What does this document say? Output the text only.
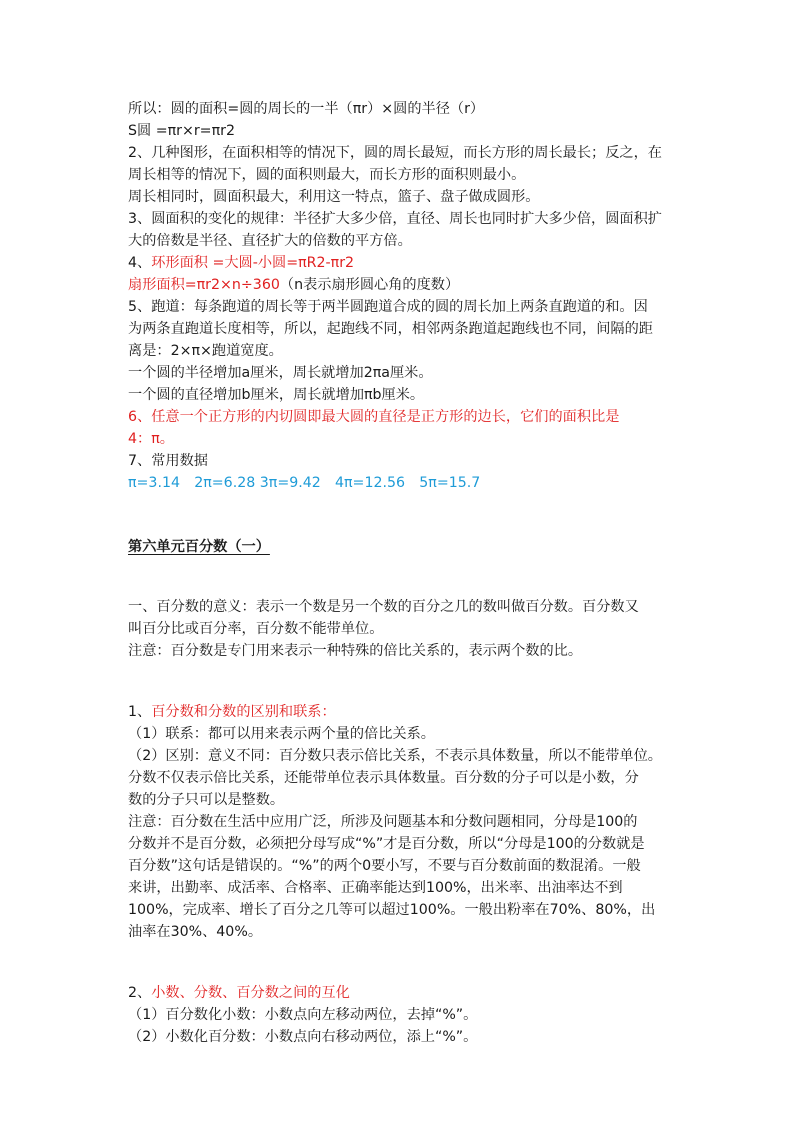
所以：圆的面积=圆的周长的一半（πr）×圆的半径（r）
S圆 =πr×r=πr2
2、几种图形，在面积相等的情况下，圆的周长最短，而长方形的周长最长；反之，在
周长相等的情况下，圆的面积则最大，而长方形的面积则最小。
周长相同时，圆面积最大，利用这一特点，篮子、盘子做成圆形。
3、圆面积的变化的规律：半径扩大多少倍，直径、周长也同时扩大多少倍，圆面积扩
大的倍数是半径、直径扩大的倍数的平方倍。
4、环形面积 =大圆-小圆=πR2-πr2
扇形面积=πr2×n÷360（n表示扇形圆心角的度数）
5、跑道：每条跑道的周长等于两半圆跑道合成的圆的周长加上两条直跑道的和。因
为两条直跑道长度相等，所以，起跑线不同，相邻两条跑道起跑线也不同，间隔的距
离是：2×π×跑道宽度。
一个圆的半径增加a厘米，周长就增加2πa厘米。
一个圆的直径增加b厘米，周长就增加πb厘米。
6、任意一个正方形的内切圆即最大圆的直径是正方形的边长，它们的面积比是
4：π。
7、常用数据
π=3.14　2π=6.28 3π=9.42　4π=12.56　5π=15.7
第六单元百分数（一）
一、百分数的意义：表示一个数是另一个数的百分之几的数叫做百分数。百分数又
叫百分比或百分率，百分数不能带单位。
注意：百分数是专门用来表示一种特殊的倍比关系的，表示两个数的比。
1、百分数和分数的区别和联系：
（1）联系：都可以用来表示两个量的倍比关系。
（2）区别：意义不同：百分数只表示倍比关系，不表示具体数量，所以不能带单位。
分数不仅表示倍比关系，还能带单位表示具体数量。百分数的分子可以是小数，分
数的分子只可以是整数。
注意：百分数在生活中应用广泛，所涉及问题基本和分数问题相同，分母是100的
分数并不是百分数，必须把分母写成“%”才是百分数，所以“分母是100的分数就是
百分数”这句话是错误的。“%”的两个0要小写，不要与百分数前面的数混淆。一般
来讲，出勤率、成活率、合格率、正确率能达到100%，出米率、出油率达不到
100%，完成率、增长了百分之几等可以超过100%。一般出粉率在70%、80%，出
油率在30%、40%。
2、小数、分数、百分数之间的互化
（1）百分数化小数：小数点向左移动两位，去掉“%”。
（2）小数化百分数：小数点向右移动两位，添上“%”。
